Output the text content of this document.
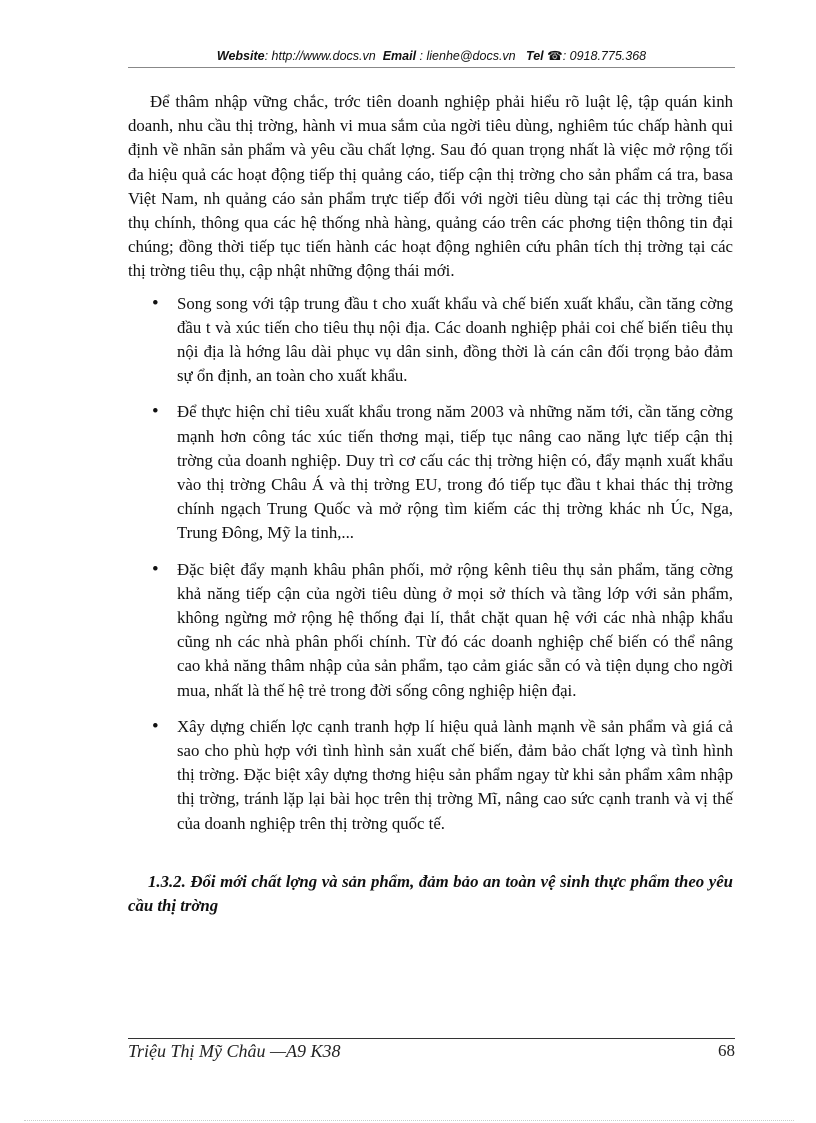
Website: http://www.docs.vn Email : lienhe@docs.vn Tel ☎: 0918.775.368

Để thâm nhập vững chắc, trớc tiên doanh nghiệp phải hiểu rõ luật lệ, tập quán kinh doanh, nhu cầu thị trờng, hành vi mua sắm của ngời tiêu dùng, nghiêm túc chấp hành qui định về nhãn sản phẩm và yêu cầu chất lợng. Sau đó quan trọng nhất là việc mở rộng tối đa hiệu quả các hoạt động tiếp thị quảng cáo, tiếp cận thị trờng cho sản phẩm cá tra, basa Việt Nam, nh quảng cáo sản phẩm trực tiếp đối với ngời tiêu dùng tại các thị trờng tiêu thụ chính, thông qua các hệ thống nhà hàng, quảng cáo trên các phơng tiện thông tin đại chúng; đồng thời tiếp tục tiến hành các hoạt động nghiên cứu phân tích thị trờng tại các thị trờng tiêu thụ, cập nhật những động thái mới.

• Song song với tập trung đầu t cho xuất khẩu và chế biến xuất khẩu, cần tăng cờng đầu t và xúc tiến cho tiêu thụ nội địa. Các doanh nghiệp phải coi chế biến tiêu thụ nội địa là hớng lâu dài phục vụ dân sinh, đồng thời là cán cân đối trọng bảo đảm sự ổn định, an toàn cho xuất khẩu.
• Để thực hiện chỉ tiêu xuất khẩu trong năm 2003 và những năm tới, cần tăng cờng mạnh hơn công tác xúc tiến thơng mại, tiếp tục nâng cao năng lực tiếp cận thị trờng của doanh nghiệp. Duy trì cơ cấu các thị trờng hiện có, đẩy mạnh xuất khẩu vào thị trờng Châu Á và thị trờng EU, trong đó tiếp tục đầu t khai thác thị trờng chính ngạch Trung Quốc và mở rộng tìm kiếm các thị trờng khác nh Úc, Nga, Trung Đông, Mỹ la tinh,...
• Đặc biệt đẩy mạnh khâu phân phối, mở rộng kênh tiêu thụ sản phẩm, tăng cờng khả năng tiếp cận của ngời tiêu dùng ở mọi sở thích và tầng lớp với sản phẩm, không ngừng mở rộng hệ thống đại lí, thắt chặt quan hệ với các nhà nhập khẩu cũng nh các nhà phân phối chính. Từ đó các doanh nghiệp chế biến có thể nâng cao khả năng thâm nhập của sản phẩm, tạo cảm giác sẵn có và tiện dụng cho ngời mua, nhất là thế hệ trẻ trong đời sống công nghiệp hiện đại.
• Xây dựng chiến lợc cạnh tranh hợp lí hiệu quả lành mạnh về sản phẩm và giá cả sao cho phù hợp với tình hình sản xuất chế biến, đảm bảo chất lợng và tình hình thị trờng. Đặc biệt xây dựng thơng hiệu sản phẩm ngay từ khi sản phẩm xâm nhập thị trờng, tránh lặp lại bài học trên thị trờng Mĩ, nâng cao sức cạnh tranh và vị thế của doanh nghiệp trên thị trờng quốc tế.

1.3.2. Đổi mới chất lợng và sản phẩm, đảm bảo an toàn vệ sinh thực phẩm theo yêu cầu thị trờng

Triệu Thị Mỹ Châu —A9 K38	68
